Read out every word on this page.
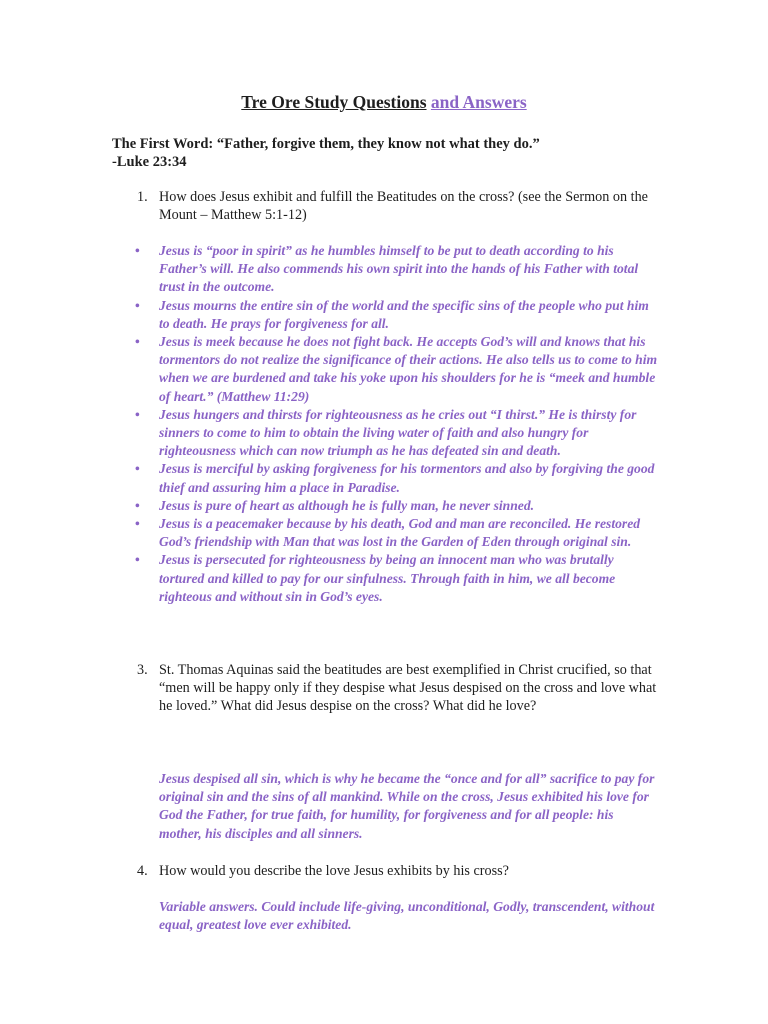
Tre Ore Study Questions and Answers
The First Word: “Father, forgive them, they know not what they do.”
-Luke 23:34
1. How does Jesus exhibit and fulfill the Beatitudes on the cross? (see the Sermon on the Mount – Matthew 5:1-12)
• Jesus is “poor in spirit” as he humbles himself to be put to death according to his Father’s will. He also commends his own spirit into the hands of his Father with total trust in the outcome.
• Jesus mourns the entire sin of the world and the specific sins of the people who put him to death. He prays for forgiveness for all.
• Jesus is meek because he does not fight back. He accepts God’s will and knows that his tormentors do not realize the significance of their actions. He also tells us to come to him when we are burdened and take his yoke upon his shoulders for he is “meek and humble of heart.” (Matthew 11:29)
• Jesus hungers and thirsts for righteousness as he cries out “I thirst.” He is thirsty for sinners to come to him to obtain the living water of faith and also hungry for righteousness which can now triumph as he has defeated sin and death.
• Jesus is merciful by asking forgiveness for his tormentors and also by forgiving the good thief and assuring him a place in Paradise.
• Jesus is pure of heart as although he is fully man, he never sinned.
• Jesus is a peacemaker because by his death, God and man are reconciled. He restored God’s friendship with Man that was lost in the Garden of Eden through original sin.
• Jesus is persecuted for righteousness by being an innocent man who was brutally tortured and killed to pay for our sinfulness. Through faith in him, we all become righteous and without sin in God’s eyes.
3. St. Thomas Aquinas said the beatitudes are best exemplified in Christ crucified, so that “men will be happy only if they despise what Jesus despised on the cross and love what he loved.” What did Jesus despise on the cross? What did he love?
Jesus despised all sin, which is why he became the “once and for all” sacrifice to pay for original sin and the sins of all mankind. While on the cross, Jesus exhibited his love for God the Father, for true faith, for humility, for forgiveness and for all people: his mother, his disciples and all sinners.
4. How would you describe the love Jesus exhibits by his cross?
Variable answers. Could include life-giving, unconditional, Godly, transcendent, without equal, greatest love ever exhibited.
